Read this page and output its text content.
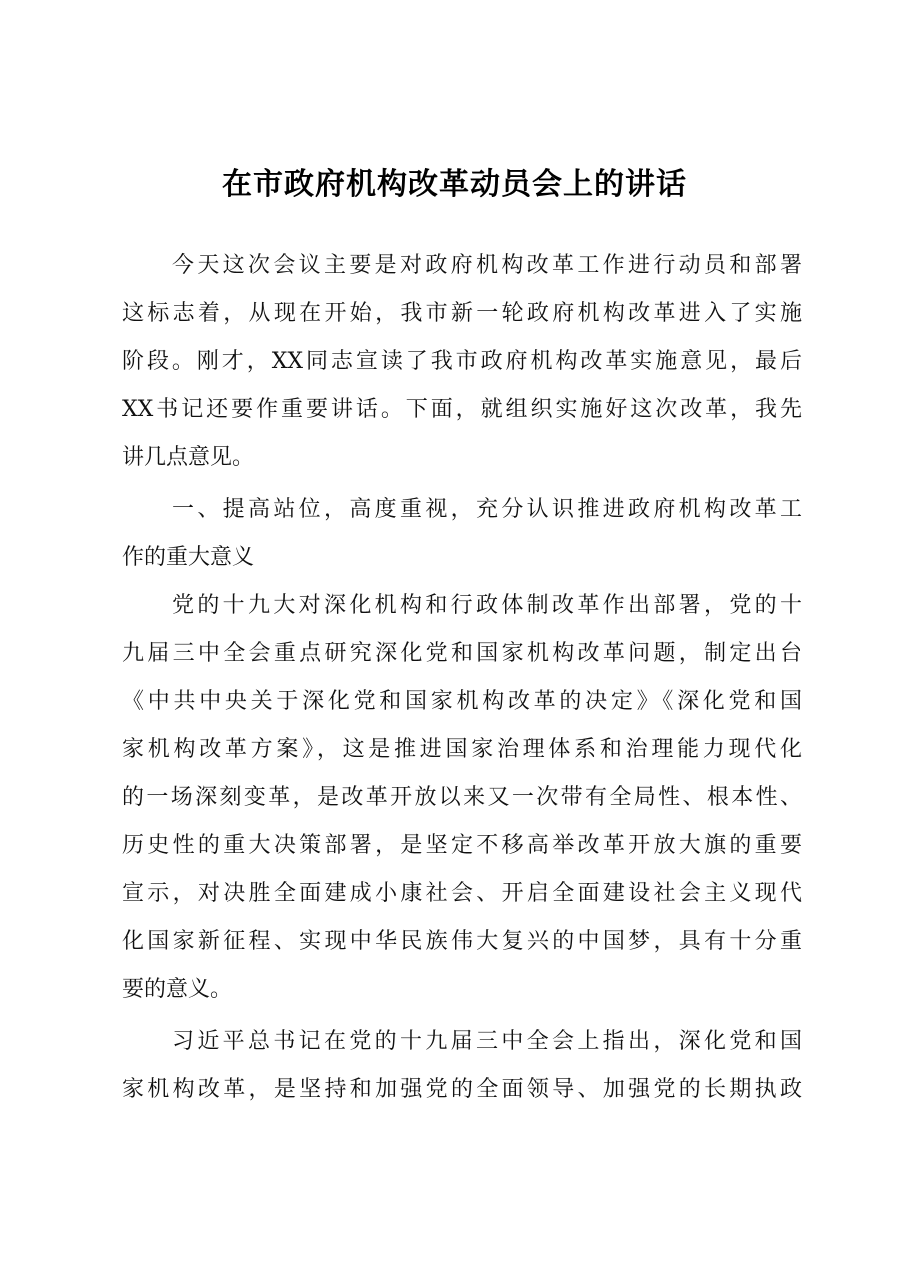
在市政府机构改革动员会上的讲话
今天这次会议主要是对政府机构改革工作进行动员和部署
这标志着，从现在开始，我市新一轮政府机构改革进入了实施
阶段。刚才，XX同志宣读了我市政府机构改革实施意见，最后
XX书记还要作重要讲话。下面，就组织实施好这次改革，我先
讲几点意见。
一、提高站位，高度重视，充分认识推进政府机构改革工
作的重大意义
党的十九大对深化机构和行政体制改革作出部署，党的十
九届三中全会重点研究深化党和国家机构改革问题，制定出台
《中共中央关于深化党和国家机构改革的决定》《深化党和国
家机构改革方案》，这是推进国家治理体系和治理能力现代化
的一场深刻变革，是改革开放以来又一次带有全局性、根本性、
历史性的重大决策部署，是坚定不移高举改革开放大旗的重要
宣示，对决胜全面建成小康社会、开启全面建设社会主义现代
化国家新征程、实现中华民族伟大复兴的中国梦，具有十分重
要的意义。
习近平总书记在党的十九届三中全会上指出，深化党和国
家机构改革，是坚持和加强党的全面领导、加强党的长期执政
